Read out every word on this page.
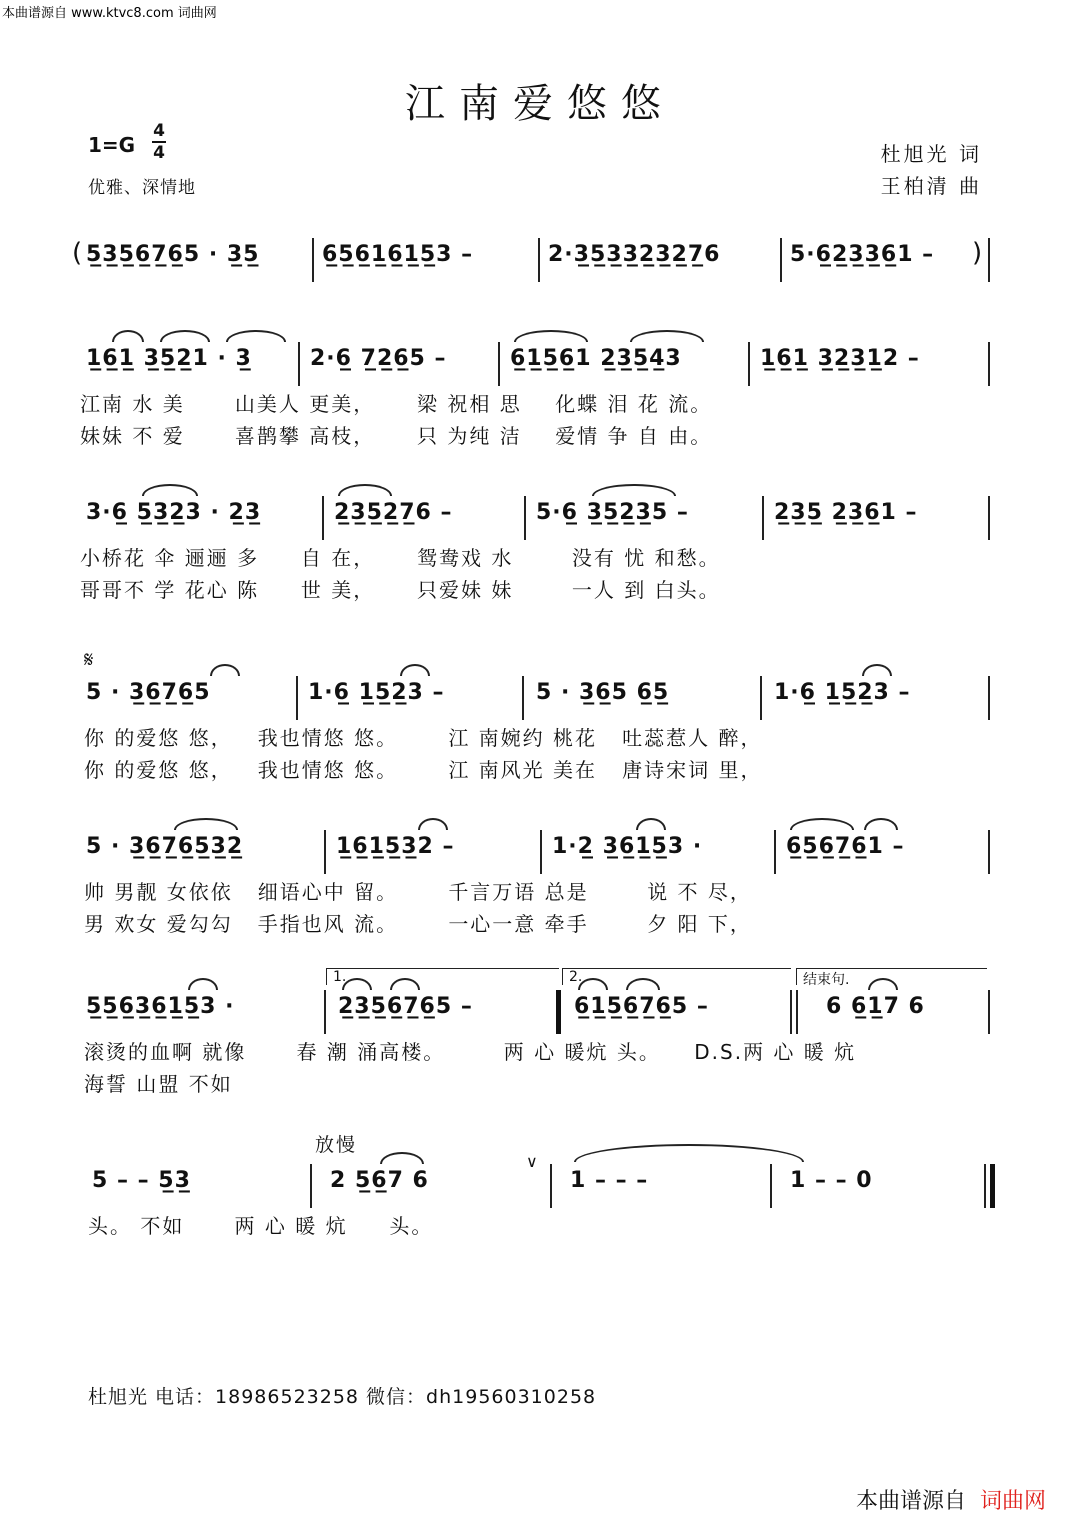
本曲谱源自 www.ktvc8.com 词曲网
江南爱悠悠
1=G
4
4
优雅、深情地
杜旭光 词
王柏清 曲
( 5̲3̲5̲6̲7̲6̲5 · 3̲5̲	6̲5̲6̲1̲6̲1̲5̲3 –	2·3̲5̲3̲3̲2̲3̲2̲7̲6	5·6̲2̲3̲3̲6̲1 – )
1̲6̲1̲ 3̲5̲2̲1 · 3̲	2·6̲ 7̲2̲6̲5 –	6̲1̲5̲6̲1 2̲3̲5̲4̲3	1̲6̲1̲ 3̲2̲3̲1̲2 –
江南 水 美	山美人 更美， 梁 祝相 思 化蝶 泪 花 流。
妹妹 不 爱	喜鹊攀 高枝， 只 为纯 洁 爱情 争 自 由。
3·6̲ 5̲3̲2̲3 · 2̲3̲	2̲3̲5̲2̲7̲6 –	5·6̲ 3̲5̲2̲3̲5 –	2̲3̲5̲ 2̲3̲6̲1 –
小桥花 伞 逦逦 多 自 在， 鸳鸯戏 水	没有 忧 和愁。
哥哥不 学 花心 陈 世 美， 只爱妹 妹	一人 到 白头。
𝄋
5 · 3̲6̲7̲6̲5	1·6̲ 1̲5̲2̲3 –	5 · 3̲6̲5 6̲5̲	1·6̲ 1̲5̲2̲3 –
你 的爱悠 悠， 我也情悠 悠。	江 南婉约 桃花 吐蕊惹人 醉，
你 的爱悠 悠， 我也情悠 悠。	江 南风光 美在 唐诗宋词 里，
5 · 3̲6̲7̲6̲5̲3̲2̲	1̲6̲1̲5̲3̲2 –	1·2̲ 3̲6̲1̲5̲3 ·	6̲5̲6̲7̲6̲1 –
帅 男靓 女依依 细语心中 留。	千言万语 总是	说 不 尽，
男 欢女 爱勾勾 手指也风 流。	一心一意 牵手	夕 阳 下，
1.	2.	结束句.
5̲5̲6̲3̲6̲1̲5̲3 ·	2̲3̲5̲6̲7̲6̲5 –	6̲1̲5̲6̲7̲6̲5 –	6 6̲1̲7 6
滚烫的血啊 就像	春 潮 涌高楼。	两 心 暖炕 头。 D.S.两 心 暖 炕
海誓 山盟 不如
放慢
5 – – 5̲3̲	2 5̲6̲7 6
∨
1 – – –	1 – – 0
头。 不如	两 心 暖 炕 头。
杜旭光 电话：18986523258 微信：dh19560310258
本曲谱源自 词曲网
